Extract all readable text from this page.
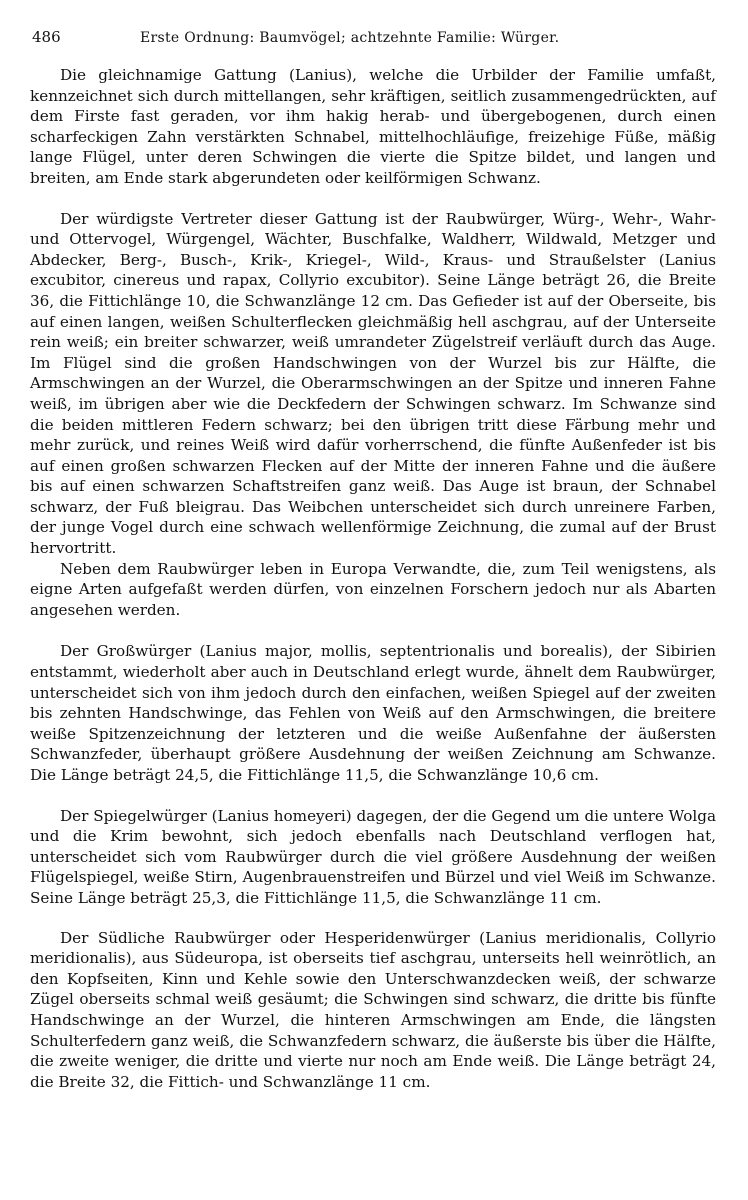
486	Erste Ordnung: Baumvögel; achtzehnte Familie: Würger.

Die gleichnamige Gattung (Lanius), welche die Urbilder der Familie umfaßt, kennzeichnet sich durch mittellangen, sehr kräftigen, seitlich zusammengedrückten, auf dem Firste fast geraden, vor ihm hakig herab- und übergebogenen, durch einen scharfeckigen Zahn verstärkten Schnabel, mittelhochläufige, freizehige Füße, mäßig lange Flügel, unter deren Schwingen die vierte die Spitze bildet, und langen und breiten, am Ende stark abgerundeten oder keilförmigen Schwanz.

Der würdigste Vertreter dieser Gattung ist der Raubwürger, Würg-, Wehr-, Wahr- und Ottervogel, Würgengel, Wächter, Buschfalke, Waldherr, Wildwald, Metzger und Abdecker, Berg-, Busch-, Krik-, Kriegel-, Wild-, Kraus- und Straußelster (Lanius excubitor, cinereus und rapax, Collyrio excubitor). Seine Länge beträgt 26, die Breite 36, die Fittichlänge 10, die Schwanzlänge 12 cm. Das Gefieder ist auf der Oberseite, bis auf einen langen, weißen Schulterflecken gleichmäßig hell aschgrau, auf der Unterseite rein weiß; ein breiter schwarzer, weiß umrandeter Zügelstreif verläuft durch das Auge. Im Flügel sind die großen Handschwingen von der Wurzel bis zur Hälfte, die Armschwingen an der Wurzel, die Oberarmschwingen an der Spitze und inneren Fahne weiß, im übrigen aber wie die Deckfedern der Schwingen schwarz. Im Schwanze sind die beiden mittleren Federn schwarz; bei den übrigen tritt diese Färbung mehr und mehr zurück, und reines Weiß wird dafür vorherrschend, die fünfte Außenfeder ist bis auf einen großen schwarzen Flecken auf der Mitte der inneren Fahne und die äußere bis auf einen schwarzen Schaftstreifen ganz weiß. Das Auge ist braun, der Schnabel schwarz, der Fuß bleigrau. Das Weibchen unterscheidet sich durch unreinere Farben, der junge Vogel durch eine schwach wellenförmige Zeichnung, die zumal auf der Brust hervortritt.

Neben dem Raubwürger leben in Europa Verwandte, die, zum Teil wenigstens, als eigne Arten aufgefaßt werden dürfen, von einzelnen Forschern jedoch nur als Abarten angesehen werden.

Der Großwürger (Lanius major, mollis, septentrionalis und borealis), der Sibirien entstammt, wiederholt aber auch in Deutschland erlegt wurde, ähnelt dem Raubwürger, unterscheidet sich von ihm jedoch durch den einfachen, weißen Spiegel auf der zweiten bis zehnten Handschwinge, das Fehlen von Weiß auf den Armschwingen, die breitere weiße Spitzenzeichnung der letzteren und die weiße Außenfahne der äußersten Schwanzfeder, überhaupt größere Ausdehnung der weißen Zeichnung am Schwanze. Die Länge beträgt 24,5, die Fittichlänge 11,5, die Schwanzlänge 10,6 cm.

Der Spiegelwürger (Lanius homeyeri) dagegen, der die Gegend um die untere Wolga und die Krim bewohnt, sich jedoch ebenfalls nach Deutschland verflogen hat, unterscheidet sich vom Raubwürger durch die viel größere Ausdehnung der weißen Flügelspiegel, weiße Stirn, Augenbrauenstreifen und Bürzel und viel Weiß im Schwanze. Seine Länge beträgt 25,3, die Fittichlänge 11,5, die Schwanzlänge 11 cm.

Der Südliche Raubwürger oder Hesperidenwürger (Lanius meridionalis, Collyrio meridionalis), aus Südeuropa, ist oberseits tief aschgrau, unterseits hell weinrötlich, an den Kopfseiten, Kinn und Kehle sowie den Unterschwanzdecken weiß, der schwarze Zügel oberseits schmal weiß gesäumt; die Schwingen sind schwarz, die dritte bis fünfte Handschwinge an der Wurzel, die hinteren Armschwingen am Ende, die längsten Schulterfedern ganz weiß, die Schwanzfedern schwarz, die äußerste bis über die Hälfte, die zweite weniger, die dritte und vierte nur noch am Ende weiß. Die Länge beträgt 24, die Breite 32, die Fittich- und Schwanzlänge 11 cm.
